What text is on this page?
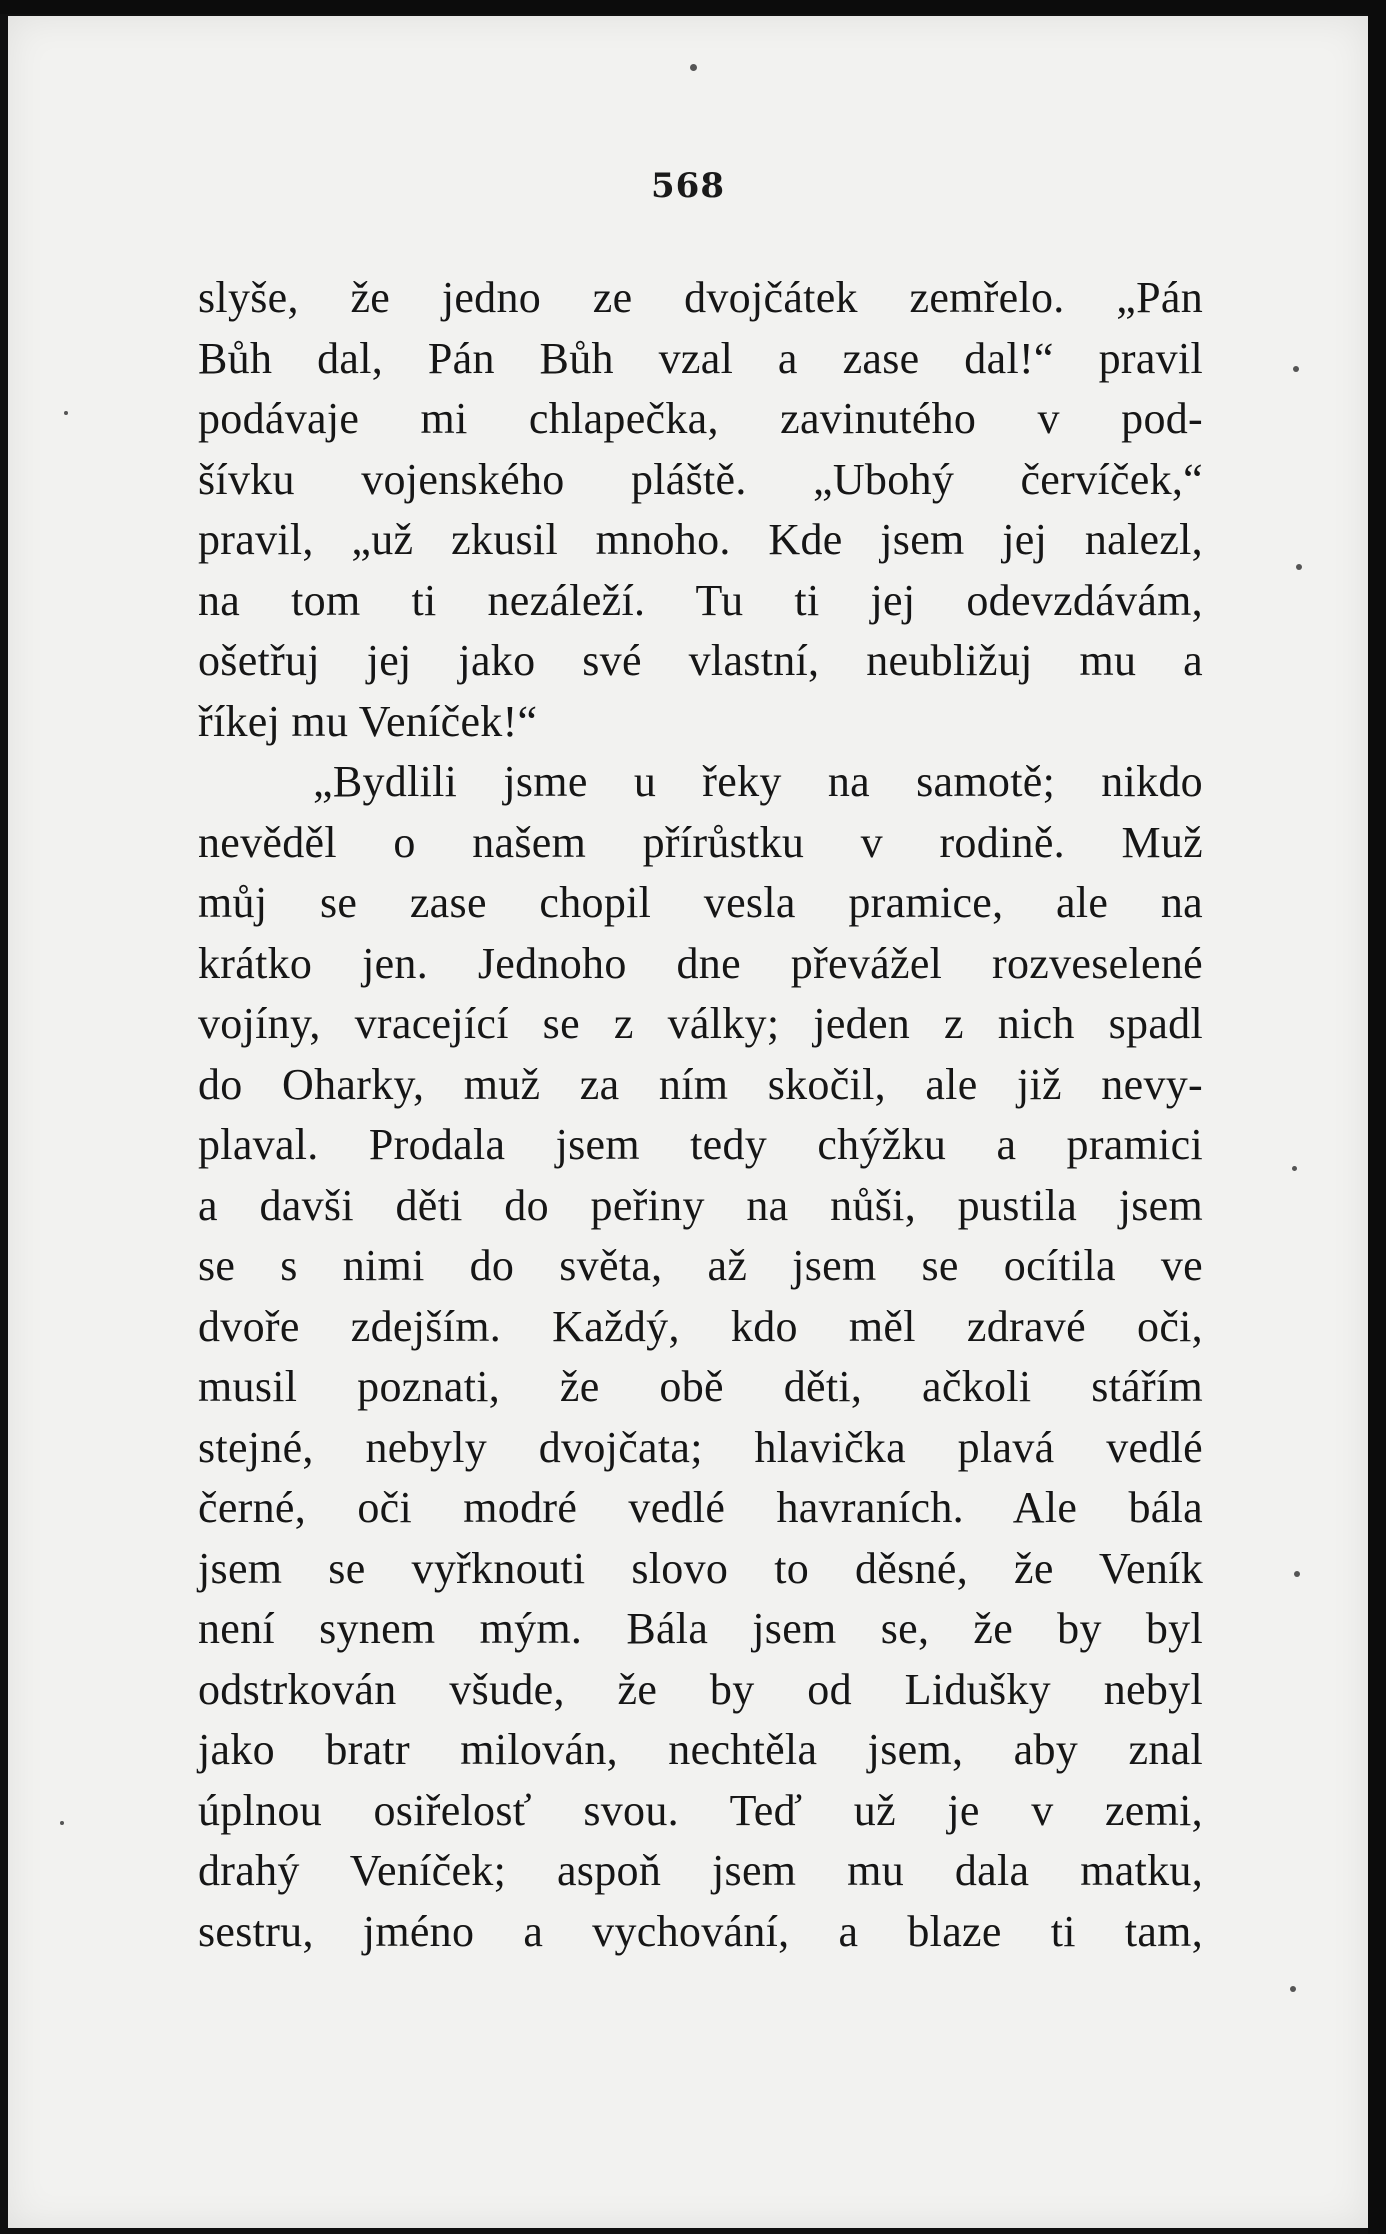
568
slyše, že jedno ze dvojčátek zemřelo. „Pán
Bůh dal, Pán Bůh vzal a zase dal!“ pravil
podávaje mi chlapečka, zavinutého v pod-
šívku vojenského pláště. „Ubohý červíček,“
pravil, „už zkusil mnoho. Kde jsem jej nalezl,
na tom ti nezáleží. Tu ti jej odevzdávám,
ošetřuj jej jako své vlastní, neubližuj mu a
říkej mu Veníček!“
„Bydlili jsme u řeky na samotě; nikdo
nevěděl o našem přírůstku v rodině. Muž
můj se zase chopil vesla pramice, ale na
krátko jen. Jednoho dne převážel rozveselené
vojíny, vracející se z války; jeden z nich spadl
do Oharky, muž za ním skočil, ale již nevy-
plaval. Prodala jsem tedy chýžku a pramici
a davši děti do peřiny na nůši, pustila jsem
se s nimi do světa, až jsem se ocítila ve
dvoře zdejším. Každý, kdo měl zdravé oči,
musil poznati, že obě děti, ačkoli stářím
stejné, nebyly dvojčata; hlavička plavá vedlé
černé, oči modré vedlé havraních. Ale bála
jsem se vyřknouti slovo to děsné, že Veník
není synem mým. Bála jsem se, že by byl
odstrkován všude, že by od Lidušky nebyl
jako bratr milován, nechtěla jsem, aby znal
úplnou osiřelosť svou. Teď už je v zemi,
drahý Veníček; aspoň jsem mu dala matku,
sestru, jméno a vychování, a blaze ti tam,
